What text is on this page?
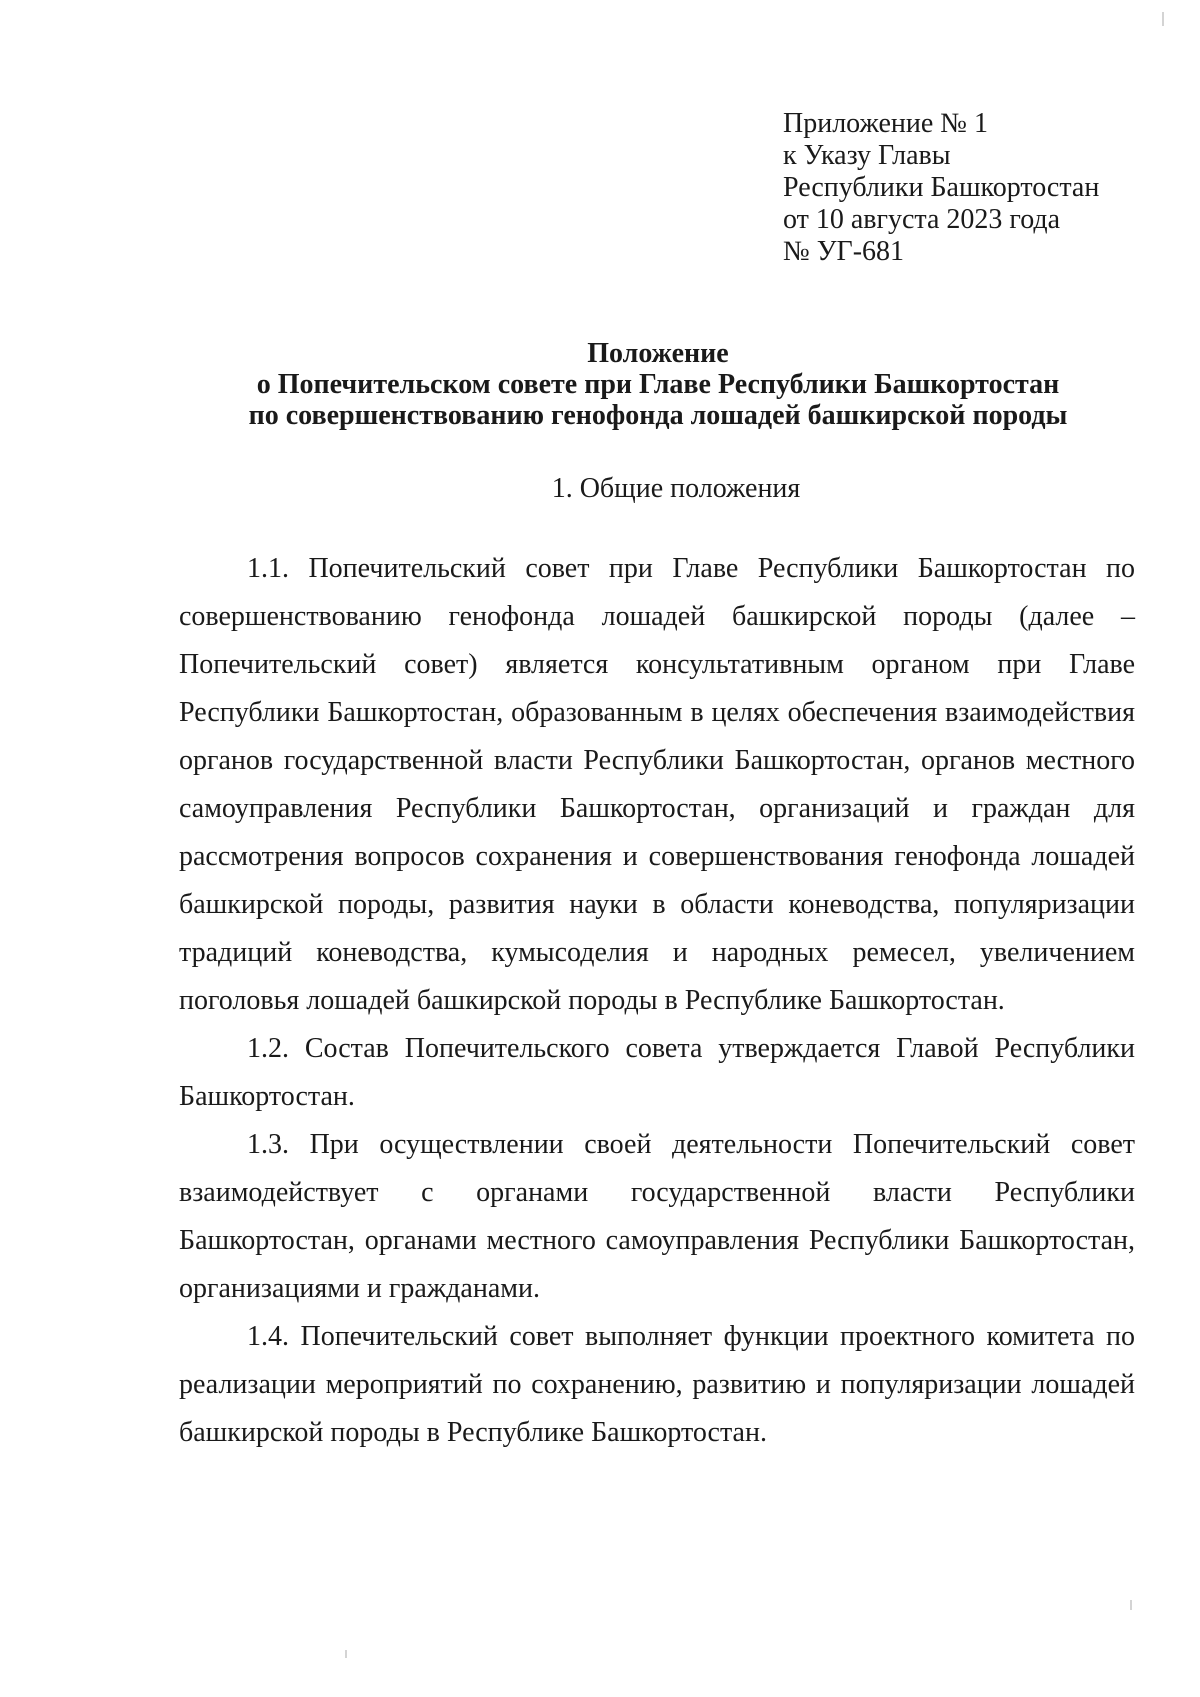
Приложение № 1
к Указу Главы
Республики Башкортостан
от 10 августа 2023 года
№ УГ-681
Положение
о Попечительском совете при Главе Республики Башкортостан
по совершенствованию генофонда лошадей башкирской породы
1. Общие положения

1.1. Попечительский совет при Главе Республики Башкортостан по совершенствованию генофонда лошадей башкирской породы (далее – Попечительский совет) является консультативным органом при Главе Республики Башкортостан, образованным в целях обеспечения взаимодействия органов государственной власти Республики Башкортостан, органов местного самоуправления Республики Башкортостан, организаций и граждан для рассмотрения вопросов сохранения и совершенствования генофонда лошадей башкирской породы, развития науки в области коневодства, популяризации традиций коневодства, кумысоделия и народных ремесел, увеличением поголовья лошадей башкирской породы в Республике Башкортостан.

1.2. Состав Попечительского совета утверждается Главой Республики Башкортостан.

1.3. При осуществлении своей деятельности Попечительский совет взаимодействует с органами государственной власти Республики Башкортостан, органами местного самоуправления Республики Башкортостан, организациями и гражданами.

1.4. Попечительский совет выполняет функции проектного комитета по реализации мероприятий по сохранению, развитию и популяризации лошадей башкирской породы в Республике Башкортостан.
